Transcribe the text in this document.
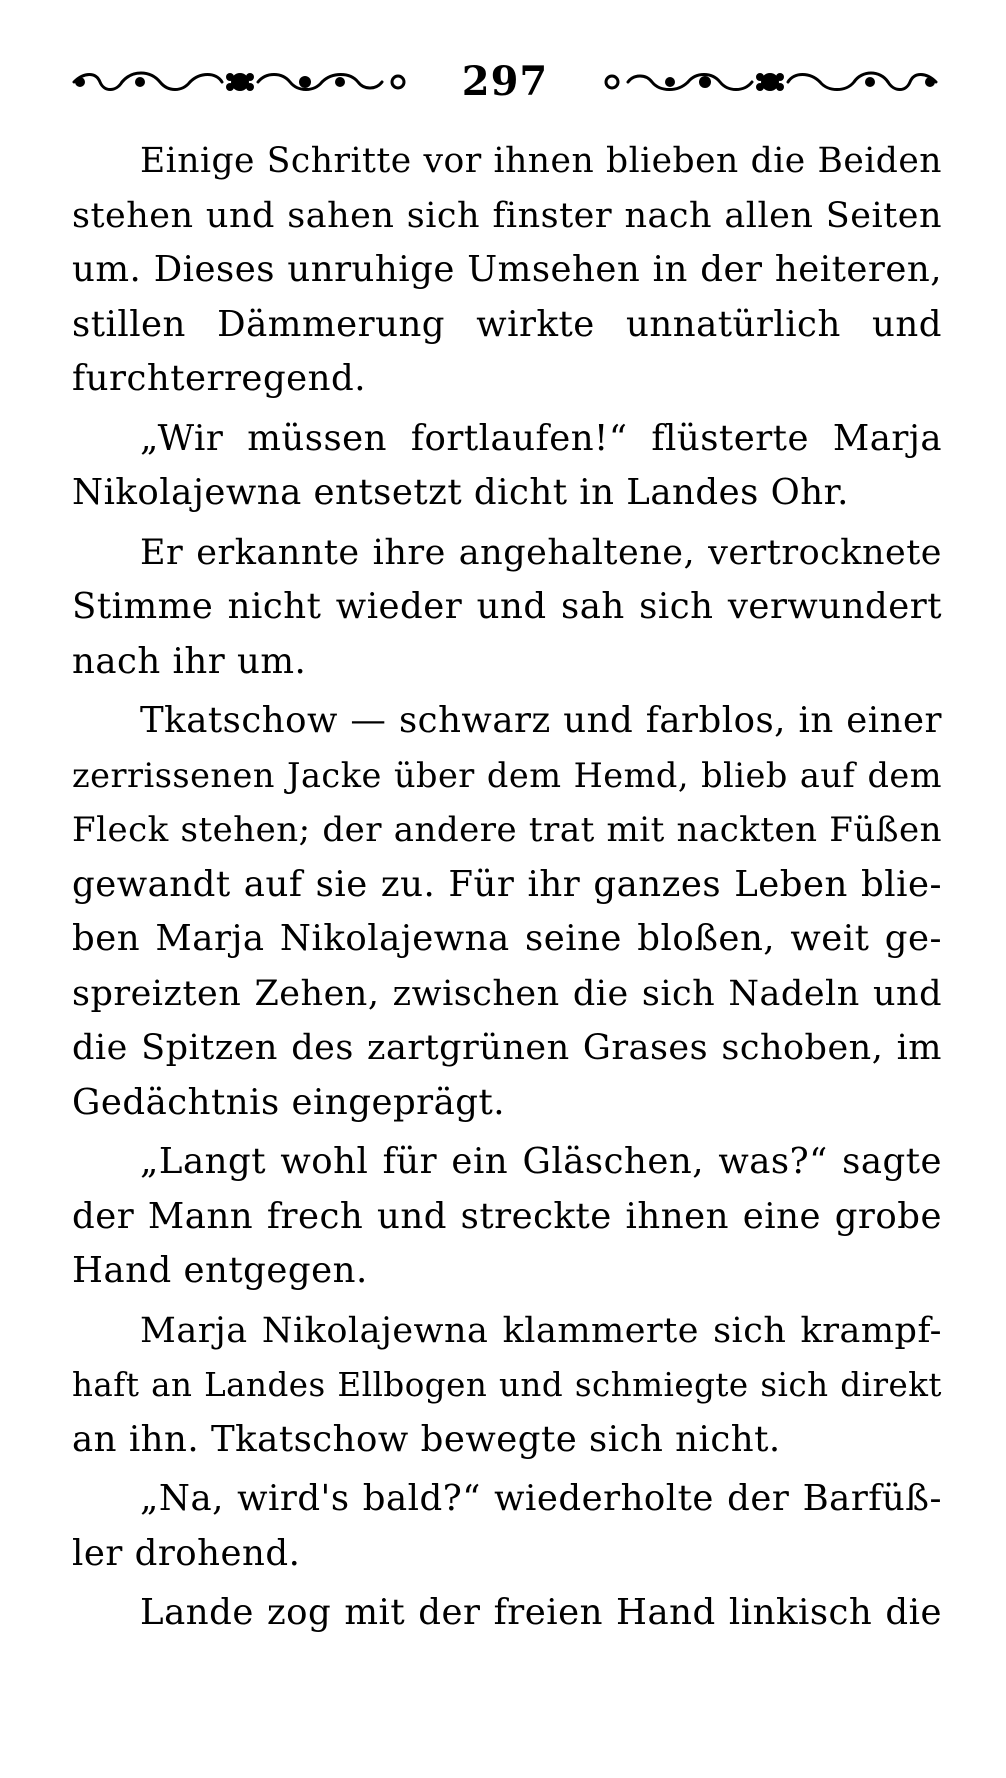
297

Einige Schritte vor ihnen blieben die Beiden
stehen und sahen sich finster nach allen Seiten
um. Dieses unruhige Umsehen in der heiteren,
stillen Dämmerung wirkte unnatürlich und
furchterregend.

„Wir müssen fortlaufen!“ flüsterte Marja
Nikolajewna entsetzt dicht in Landes Ohr.

Er erkannte ihre angehaltene, vertrocknete
Stimme nicht wieder und sah sich verwundert
nach ihr um.

Tkatschow — schwarz und farblos, in einer
zerrissenen Jacke über dem Hemd, blieb auf dem
Fleck stehen; der andere trat mit nackten Füßen
gewandt auf sie zu. Für ihr ganzes Leben blie-
ben Marja Nikolajewna seine bloßen, weit ge-
spreizten Zehen, zwischen die sich Nadeln und
die Spitzen des zartgrünen Grases schoben, im
Gedächtnis eingeprägt.

„Langt wohl für ein Gläschen, was?“ sagte
der Mann frech und streckte ihnen eine grobe
Hand entgegen.

Marja Nikolajewna klammerte sich krampf-
haft an Landes Ellbogen und schmiegte sich direkt
an ihn. Tkatschow bewegte sich nicht.

„Na, wird's bald?“ wiederholte der Barfüß-
ler drohend.

Lande zog mit der freien Hand linkisch die
